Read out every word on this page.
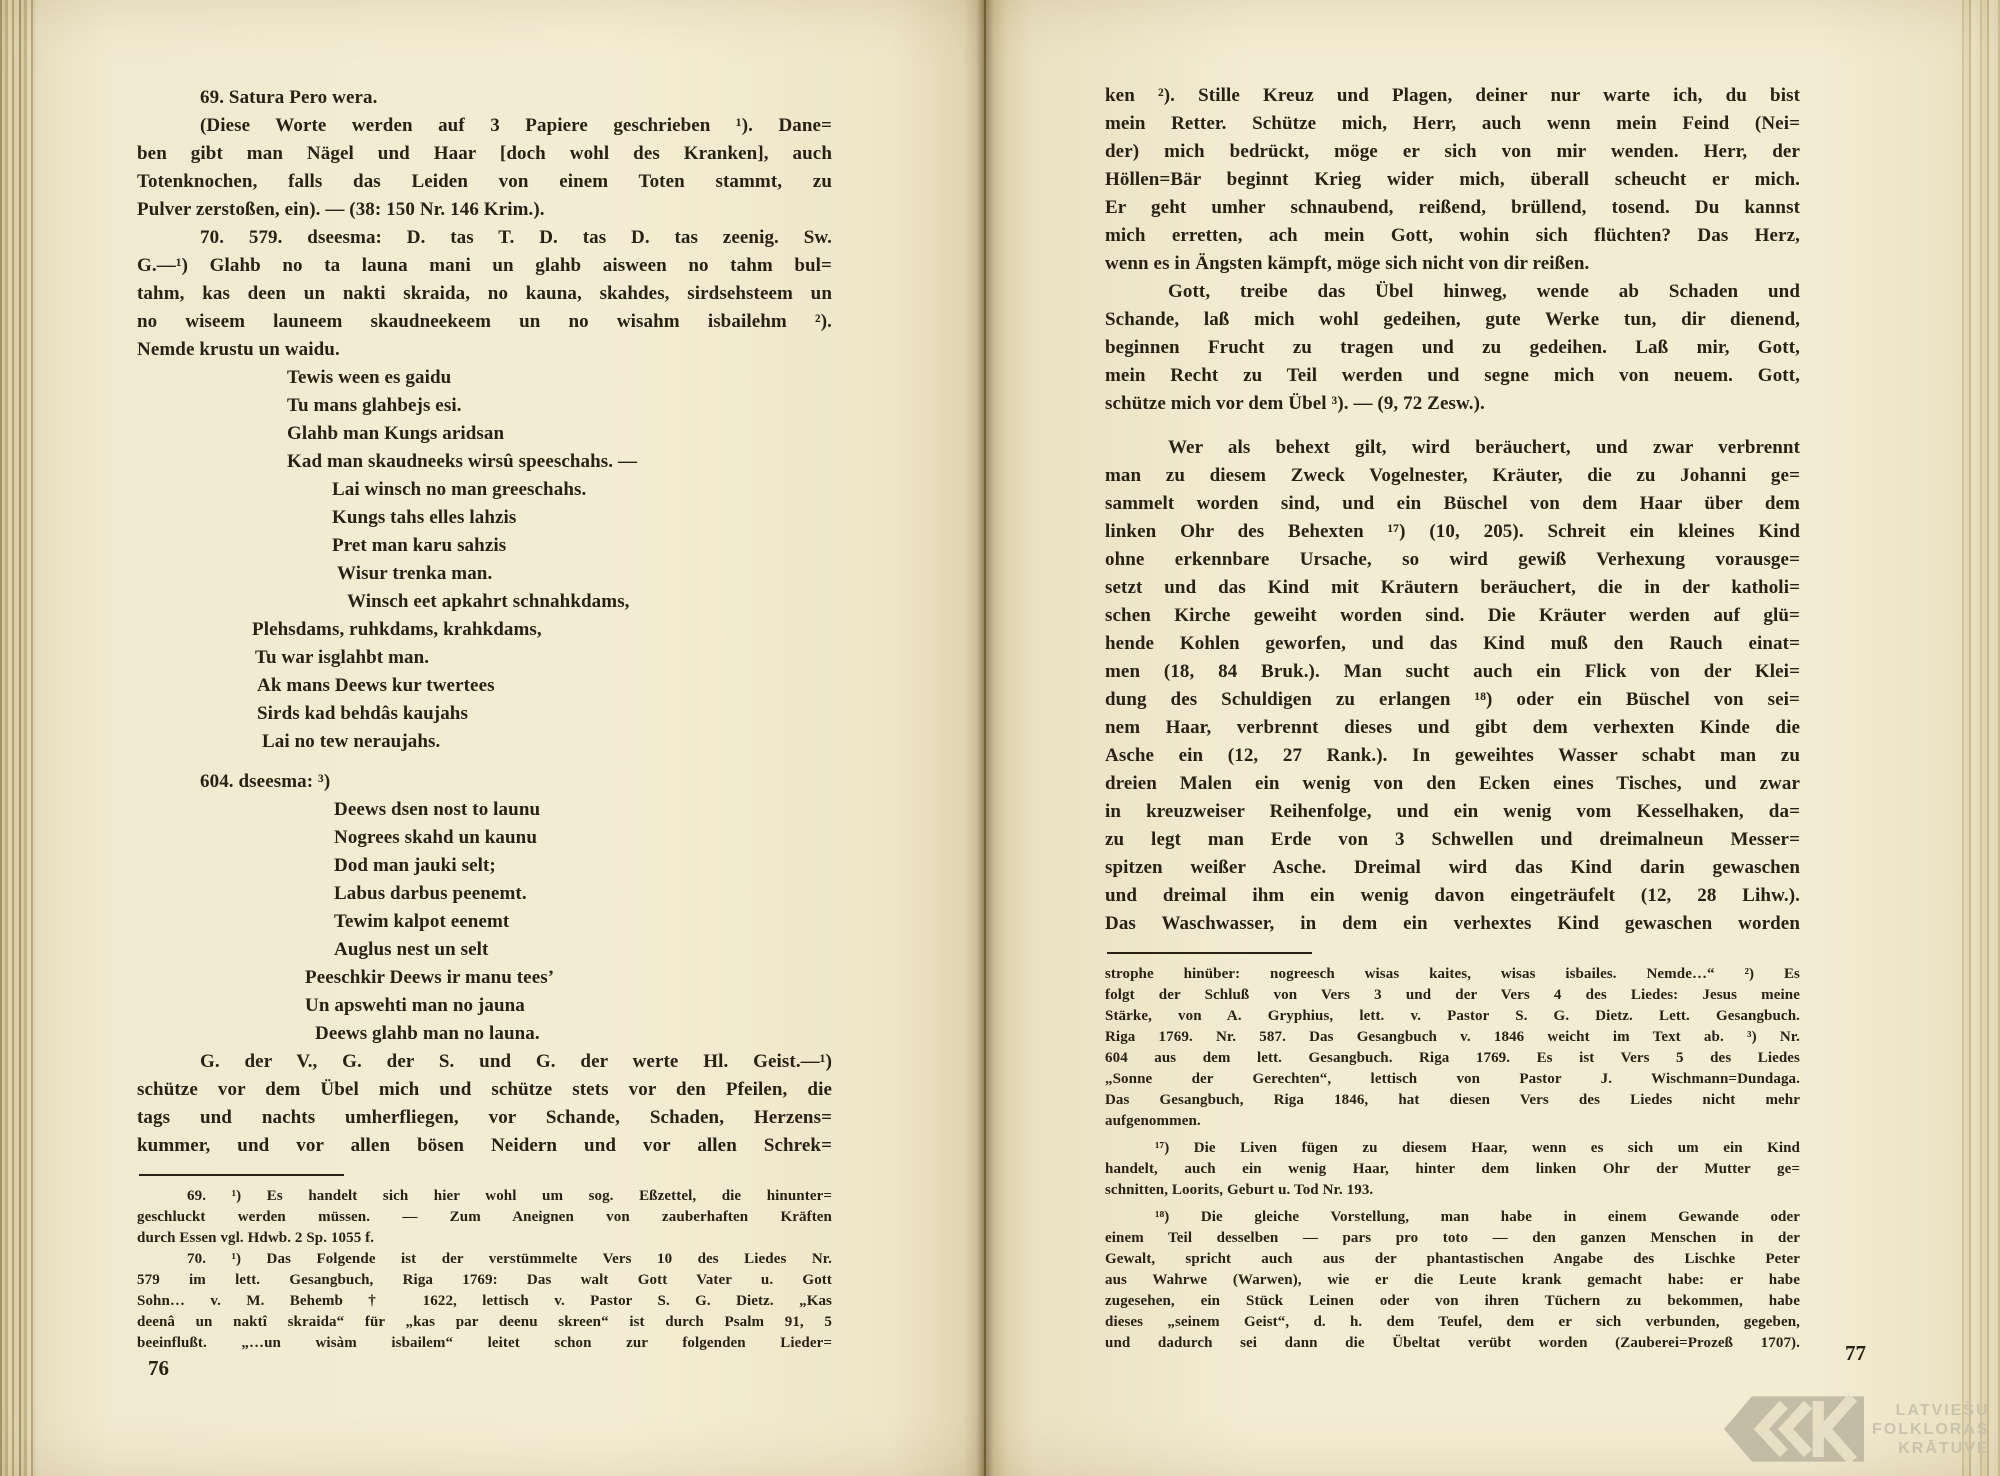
69. Satura Pero wera.
(Diese Worte werden auf 3 Papiere geschrieben ¹). Dane=
ben gibt man Nägel und Haar [doch wohl des Kranken], auch
Totenknochen, falls das Leiden von einem Toten stammt, zu
Pulver zerstoßen, ein). — (38: 150 Nr. 146 Krim.).
70. 579. dseesma: D. tas T. D. tas D. tas zeenig. Sw.
G.—¹) Glahb no ta launa mani un glahb aisween no tahm bul=
tahm, kas deen un nakti skraida, no kauna, skahdes, sirdsehsteem un
no wiseem launeem skaudneekeem un no wisahm isbailehm ²).
Nemde krustu un waidu.
Tewis ween es gaidu
Tu mans glahbejs esi.
Glahb man Kungs aridsan
Kad man skaudneeks wirsû speeschahs. —
Lai winsch no man greeschahs.
Kungs tahs elles lahzis
Pret man karu sahzis
Wisur trenka man.
Winsch eet apkahrt schnahkdams,
Plehsdams, ruhkdams, krahkdams,
Tu war isglahbt man.
Ak mans Deews kur twertees
Sirds kad behdâs kaujahs
Lai no tew neraujahs.
604. dseesma: ³)
Deews dsen nost to launu
Nogrees skahd un kaunu
Dod man jauki selt;
Labus darbus peenemt.
Tewim kalpot eenemt
Auglus nest un selt
Peeschkir Deews ir manu tees’
Un apswehti man no jauna
Deews glahb man no launa.
G. der V., G. der S. und G. der werte Hl. Geist.—¹)
schütze vor dem Übel mich und schütze stets vor den Pfeilen, die
tags und nachts umherfliegen, vor Schande, Schaden, Herzens=
kummer, und vor allen bösen Neidern und vor allen Schrek=
69. ¹) Es handelt sich hier wohl um sog. Eßzettel, die hinunter=
geschluckt werden müssen. — Zum Aneignen von zauberhaften Kräften
durch Essen vgl. Hdwb. 2 Sp. 1055 f.
70. ¹) Das Folgende ist der verstümmelte Vers 10 des Liedes Nr.
579 im lett. Gesangbuch, Riga 1769: Das walt Gott Vater u. Gott
Sohn… v. M. Behemb † 1622, lettisch v. Pastor S. G. Dietz. „Kas
deenâ un naktî skraida“ für „kas par deenu skreen“ ist durch Psalm 91, 5
beeinflußt. „…un wisàm isbailem“ leitet schon zur folgenden Lieder=
76
ken ²). Stille Kreuz und Plagen, deiner nur warte ich, du bist
mein Retter. Schütze mich, Herr, auch wenn mein Feind (Nei=
der) mich bedrückt, möge er sich von mir wenden. Herr, der
Höllen=Bär beginnt Krieg wider mich, überall scheucht er mich.
Er geht umher schnaubend, reißend, brüllend, tosend. Du kannst
mich erretten, ach mein Gott, wohin sich flüchten? Das Herz,
wenn es in Ängsten kämpft, möge sich nicht von dir reißen.
Gott, treibe das Übel hinweg, wende ab Schaden und
Schande, laß mich wohl gedeihen, gute Werke tun, dir dienend,
beginnen Frucht zu tragen und zu gedeihen. Laß mir, Gott,
mein Recht zu Teil werden und segne mich von neuem. Gott,
schütze mich vor dem Übel ³). — (9, 72 Zesw.).
Wer als behext gilt, wird beräuchert, und zwar verbrennt
man zu diesem Zweck Vogelnester, Kräuter, die zu Johanni ge=
sammelt worden sind, und ein Büschel von dem Haar über dem
linken Ohr des Behexten ¹⁷) (10, 205). Schreit ein kleines Kind
ohne erkennbare Ursache, so wird gewiß Verhexung vorausge=
setzt und das Kind mit Kräutern beräuchert, die in der katholi=
schen Kirche geweiht worden sind. Die Kräuter werden auf glü=
hende Kohlen geworfen, und das Kind muß den Rauch einat=
men (18, 84 Bruk.). Man sucht auch ein Flick von der Klei=
dung des Schuldigen zu erlangen ¹⁸) oder ein Büschel von sei=
nem Haar, verbrennt dieses und gibt dem verhexten Kinde die
Asche ein (12, 27 Rank.). In geweihtes Wasser schabt man zu
dreien Malen ein wenig von den Ecken eines Tisches, und zwar
in kreuzweiser Reihenfolge, und ein wenig vom Kesselhaken, da=
zu legt man Erde von 3 Schwellen und dreimalneun Messer=
spitzen weißer Asche. Dreimal wird das Kind darin gewaschen
und dreimal ihm ein wenig davon eingeträufelt (12, 28 Lihw.).
Das Waschwasser, in dem ein verhextes Kind gewaschen worden
strophe hinüber: nogreesch wisas kaites, wisas isbailes. Nemde…“ ²) Es
folgt der Schluß von Vers 3 und der Vers 4 des Liedes: Jesus meine
Stärke, von A. Gryphius, lett. v. Pastor S. G. Dietz. Lett. Gesangbuch.
Riga 1769. Nr. 587. Das Gesangbuch v. 1846 weicht im Text ab. ³) Nr.
604 aus dem lett. Gesangbuch. Riga 1769. Es ist Vers 5 des Liedes
„Sonne der Gerechten“, lettisch von Pastor J. Wischmann=Dundaga.
Das Gesangbuch, Riga 1846, hat diesen Vers des Liedes nicht mehr
aufgenommen.
¹⁷) Die Liven fügen zu diesem Haar, wenn es sich um ein Kind
handelt, auch ein wenig Haar, hinter dem linken Ohr der Mutter ge=
schnitten, Loorits, Geburt u. Tod Nr. 193.
¹⁸) Die gleiche Vorstellung, man habe in einem Gewande oder
einem Teil desselben — pars pro toto — den ganzen Menschen in der
Gewalt, spricht auch aus der phantastischen Angabe des Lischke Peter
aus Wahrwe (Warwen), wie er die Leute krank gemacht habe: er habe
zugesehen, ein Stück Leinen oder von ihren Tüchern zu bekommen, habe
dieses „seinem Geist“, d. h. dem Teufel, dem er sich verbunden, gegeben,
und dadurch sei dann die Übeltat verübt worden (Zauberei=Prozeß 1707). 77
LATVIEŠU
FOLKLORAS
KRĀTUVE
